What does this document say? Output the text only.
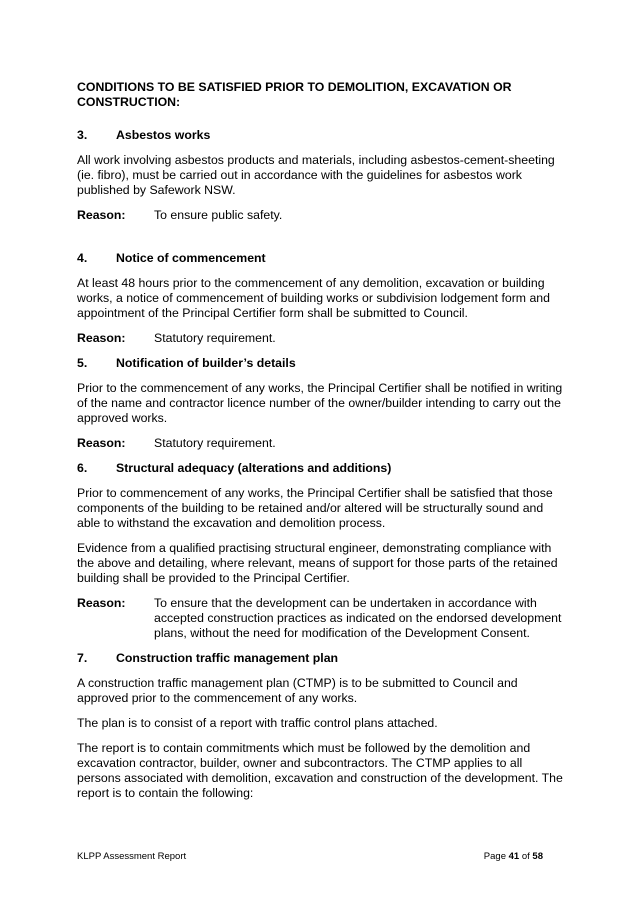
CONDITIONS TO BE SATISFIED PRIOR TO DEMOLITION, EXCAVATION OR CONSTRUCTION:
3.	Asbestos works

All work involving asbestos products and materials, including asbestos-cement-sheeting (ie. fibro), must be carried out in accordance with the guidelines for asbestos work published by Safework NSW.

Reason:	To ensure public safety.
4.	Notice of commencement

At least 48 hours prior to the commencement of any demolition, excavation or building works, a notice of commencement of building works or subdivision lodgement form and appointment of the Principal Certifier form shall be submitted to Council.

Reason:	Statutory requirement.
5.	Notification of builder’s details

Prior to the commencement of any works, the Principal Certifier shall be notified in writing of the name and contractor licence number of the owner/builder intending to carry out the approved works.

Reason:	Statutory requirement.
6.	Structural adequacy (alterations and additions)

Prior to commencement of any works, the Principal Certifier shall be satisfied that those components of the building to be retained and/or altered will be structurally sound and able to withstand the excavation and demolition process.

Evidence from a qualified practising structural engineer, demonstrating compliance with the above and detailing, where relevant, means of support for those parts of the retained building shall be provided to the Principal Certifier.

Reason:	To ensure that the development can be undertaken in accordance with accepted construction practices as indicated on the endorsed development plans, without the need for modification of the Development Consent.
7.	Construction traffic management plan

A construction traffic management plan (CTMP) is to be submitted to Council and approved prior to the commencement of any works.

The plan is to consist of a report with traffic control plans attached.

The report is to contain commitments which must be followed by the demolition and excavation contractor, builder, owner and subcontractors. The CTMP applies to all persons associated with demolition, excavation and construction of the development. The report is to contain the following:

KLPP Assessment Report	Page 41 of 58
